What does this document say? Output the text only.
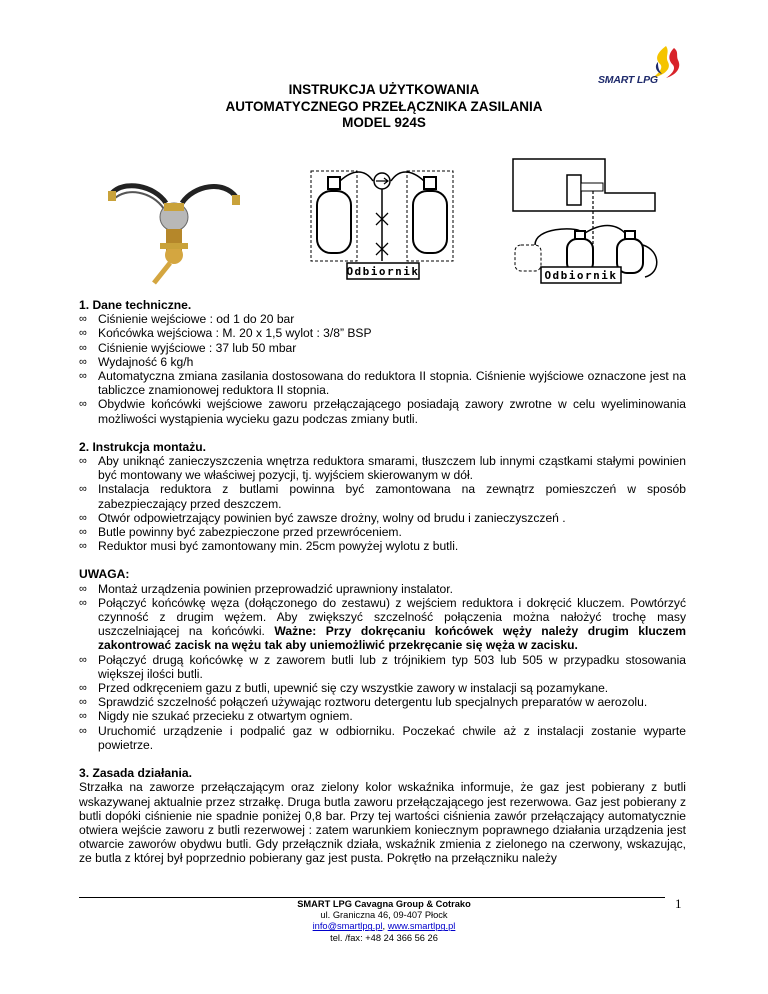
SMART LPG
INSTRUKCJA UŻYTKOWANIA
AUTOMATYCZNEGO PRZEŁĄCZNIKA ZASILANIA
MODEL 924S
Odbiornik	Odbiornik
1. Dane techniczne.
∞ Ciśnienie wejściowe : od 1 do 20 bar
∞ Końcówka wejściowa : M. 20 x 1,5 wylot : 3/8” BSP
∞ Ciśnienie wyjściowe : 37 lub 50 mbar
∞ Wydajność 6 kg/h
∞ Automatyczna zmiana zasilania dostosowana do reduktora II stopnia. Ciśnienie wyjściowe oznaczone jest na tabliczce znamionowej reduktora II stopnia.
∞ Obydwie końcówki wejściowe zaworu przełączającego posiadają zawory zwrotne w celu wyeliminowania możliwości wystąpienia wycieku gazu podczas zmiany butli.
2. Instrukcja montażu.
∞ Aby uniknąć zanieczyszczenia wnętrza reduktora smarami, tłuszczem lub innymi cząstkami stałymi powinien być montowany we właściwej pozycji, tj. wyjściem skierowanym w dół.
∞ Instalacja reduktora z butlami powinna być zamontowana na zewnątrz pomieszczeń w sposób zabezpieczający przed deszczem.
∞ Otwór odpowietrzający powinien być zawsze drożny, wolny od brudu i zanieczyszczeń .
∞ Butle powinny być zabezpieczone przed przewróceniem.
∞ Reduktor musi być zamontowany min. 25cm powyżej wylotu z butli.
UWAGA:
∞ Montaż urządzenia powinien przeprowadzić uprawniony instalator.
∞ Połączyć końcówkę węza (dołączonego do zestawu) z wejściem reduktora i dokręcić kluczem. Powtórzyć czynność z drugim wężem. Aby zwiększyć szczelność połączenia można nałożyć trochę masy uszczelniającej na końcówki. Ważne: Przy dokręcaniu końcówek węży należy drugim kluczem zakontrować zacisk na wężu tak aby uniemożliwić przekręcanie się węża w zacisku.
∞ Połączyć drugą końcówkę w z zaworem butli lub z trójnikiem typ 503 lub 505 w przypadku stosowania większej ilości butli.
∞ Przed odkręceniem gazu z butli, upewnić się czy wszystkie zawory w instalacji są pozamykane.
∞ Sprawdzić szczelność połączeń używając roztworu detergentu lub specjalnych preparatów w aerozolu.
∞ Nigdy nie szukać przecieku z otwartym ogniem.
∞ Uruchomić urządzenie i podpalić gaz w odbiorniku. Poczekać chwile aż z instalacji zostanie wyparte powietrze.
3. Zasada działania.
Strzałka na zaworze przełączającym oraz zielony kolor wskaźnika informuje, że gaz jest pobierany z butli wskazywanej aktualnie przez strzałkę. Druga butla zaworu przełączającego jest rezerwowa. Gaz jest pobierany z butli dopóki ciśnienie nie spadnie poniżej 0,8 bar. Przy tej wartości ciśnienia zawór przełączający automatycznie otwiera wejście zaworu z butli rezerwowej : zatem warunkiem koniecznym poprawnego działania urządzenia jest otwarcie zaworów obydwu butli. Gdy przełącznik działa, wskaźnik zmienia z zielonego na czerwony, wskazując, ze butla z której był poprzednio pobierany gaz jest pusta. Pokrętło na przełączniku należy
1
SMART LPG Cavagna Group & Cotrako
ul. Graniczna 46, 09-407 Płock
info@smartlpg.pl, www.smartlpg.pl
tel. /fax: +48 24 366 56 26
